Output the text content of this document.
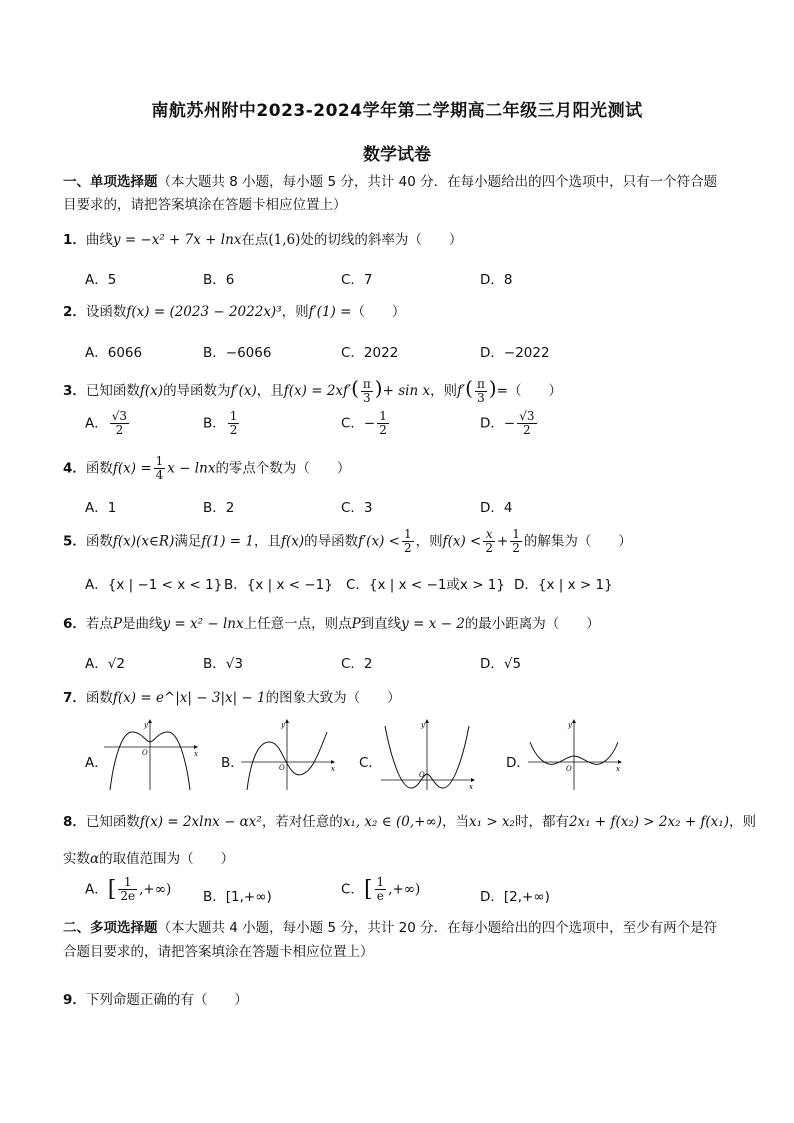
南航苏州附中2023-2024学年第二学期高二年级三月阳光测试
数学试卷
一、单项选择题（本大题共 8 小题，每小题 5 分，共计 40 分．在每小题给出的四个选项中，只有一个符合题
目要求的，请把答案填涂在答题卡相应位置上）
1．曲线y = −x² + 7x + lnx在点(1,6)处的切线的斜率为（　　）
A．5	B．6	C．7	D．8
2．设函数f(x) = (2023 − 2022x)³，则f′(1) =（　　）
A．6066	B．−6066	C．2022	D．−2022
3．已知函数f(x)的导函数为f′(x)，且$f(x) = 2xf'( \frac{\pi}{3}$ )+ sin x，则$f'( \frac{\pi}{3}$ )=（　　）
A． $\frac{√3}{2}$	B． $\frac{1}{2}$	C．− $\frac{1}{2}$	D．− $\frac{√3}{2}$
4．函数$f(x) = \frac{1}{4}$ x − lnx的零点个数为（　　）
A．1	B．2	C．3	D．4
5．函数f(x)(x∈R)满足f(1) = 1，且f(x)的导函数$f'(x) < \frac{1}{2}$ ，则$f(x) < \frac{x}{2} + \frac{1}{2}$ 的解集为（　　）
A．{x | −1 < x < 1} B．{x | x < −1} C．{x | x < −1或x > 1} D．{x | x > 1}
6．若点P是曲线y = x² − lnx上任意一点，则点P到直线y = x − 2的最小距离为（　　）
A．√2	B．√3	C．2	D．√5
7．函数f(x) = e^|x| − 3|x| − 1的图象大致为（　　）
A．	B．	C．	D．
y
x
O
y
x
O
y
x
O
y
x
O
8．已知函数f(x) = 2xlnx − αx²，若对任意的x₁, x₂ ∈ (0,+∞)，当x₁ > x₂时，都有2x₁ + f(x₂) > 2x₂ + f(x₁)，则
实数α的取值范围为（　　）
A．[ $\frac{1}{2e}$ ,+∞) B．[1,+∞)	C．[ $\frac{1}{e}$ ,+∞)	D．[2,+∞)
二、多项选择题（本大题共 4 小题，每小题 5 分，共计 20 分．在每小题给出的四个选项中，至少有两个是符
合题目要求的，请把答案填涂在答题卡相应位置上）
9．下列命题正确的有（　　）
